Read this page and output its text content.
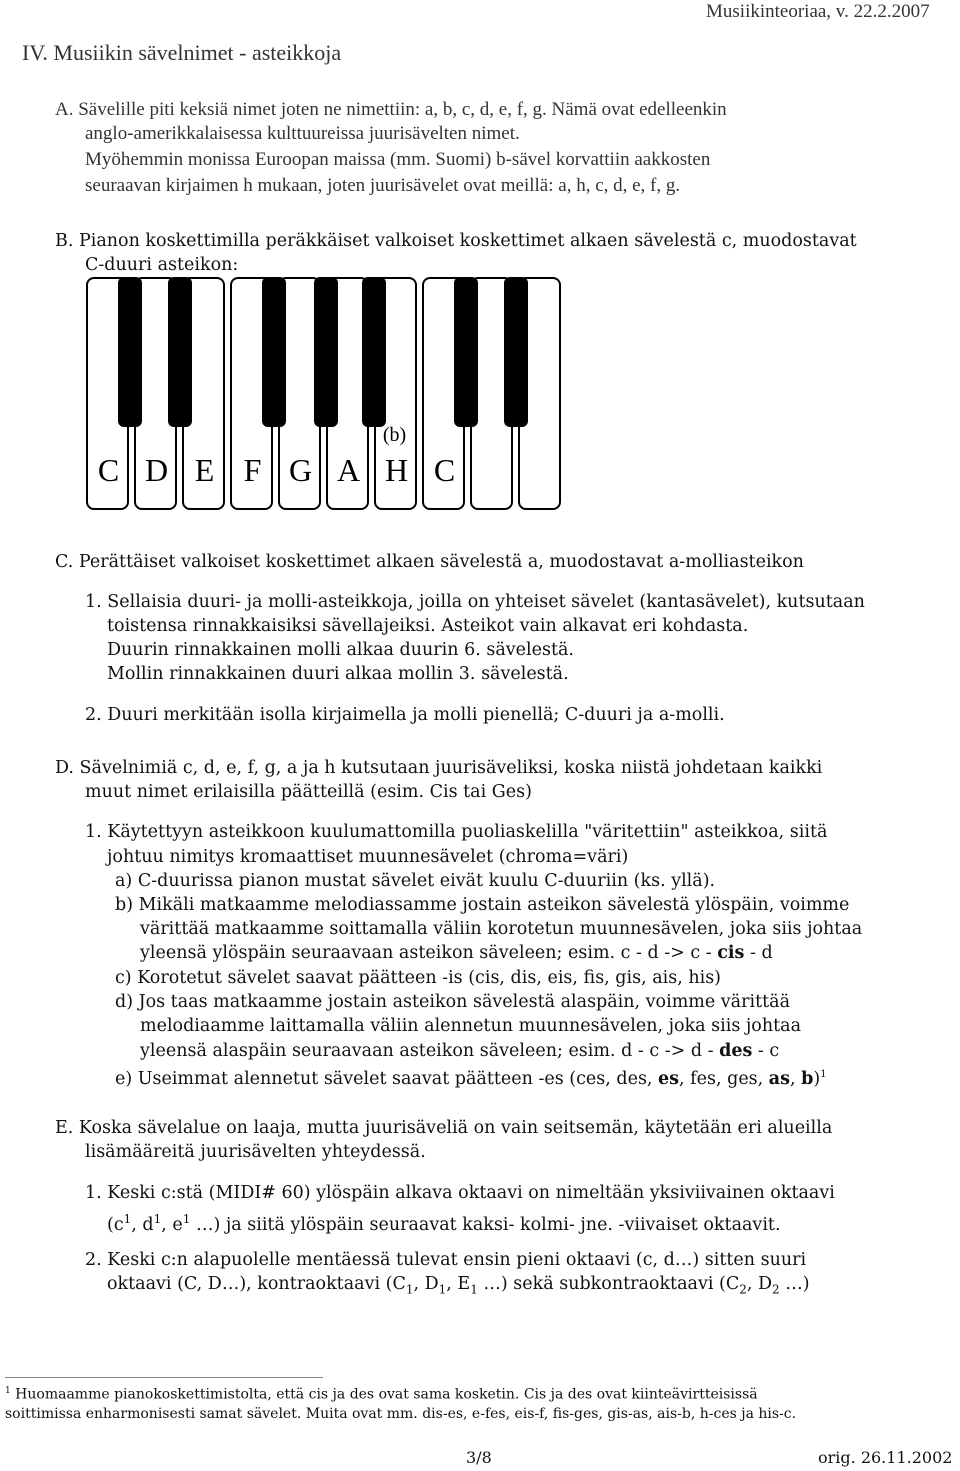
IV. Musiikin sävelnimet - asteikkoja
Musiikinteoriaa, v. 22.2.2007
A. Sävelille piti keksiä nimet joten ne nimettiin: a, b, c, d, e, f, g. Nämä ovat edelleenkin
anglo-amerikkalaisessa kulttuureissa juurisävelten nimet.
Myöhemmin monissa Euroopan maissa (mm. Suomi) b-sävel korvattiin aakkosten
seuraavan kirjaimen h mukaan, joten juurisävelet ovat meillä: a, h, c, d, e, f, g.
B. Pianon koskettimilla peräkkäiset valkoiset koskettimet alkaen sävelestä c, muodostavat
C-duuri asteikon:
(b)
C D E F G A H C
C. Perättäiset valkoiset koskettimet alkaen sävelestä a, muodostavat a-molliasteikon
1. Sellaisia duuri- ja molli-asteikkoja, joilla on yhteiset sävelet (kantasävelet), kutsutaan
toistensa rinnakkaisiksi sävellajeiksi. Asteikot vain alkavat eri kohdasta.
Duurin rinnakkainen molli alkaa duurin 6. sävelestä.
Mollin rinnakkainen duuri alkaa mollin 3. sävelestä.
2. Duuri merkitään isolla kirjaimella ja molli pienellä; C-duuri ja a-molli.
D. Sävelnimiä c, d, e, f, g, a ja h kutsutaan juurisäveliksi, koska niistä johdetaan kaikki
muut nimet erilaisilla päätteillä (esim. Cis tai Ges)
1. Käytettyyn asteikkoon kuulumattomilla puoliaskelilla "väritettiin" asteikkoa, siitä
johtuu nimitys kromaattiset muunnesävelet (chroma=väri)
a) C-duurissa pianon mustat sävelet eivät kuulu C-duuriin (ks. yllä).
b) Mikäli matkaamme melodiassamme jostain asteikon sävelestä ylöspäin, voimme
värittää matkaamme soittamalla väliin korotetun muunnesävelen, joka siis johtaa
yleensä ylöspäin seuraavaan asteikon säveleen; esim. c - d -> c - cis - d
c) Korotetut sävelet saavat päätteen -is (cis, dis, eis, fis, gis, ais, his)
d) Jos taas matkaamme jostain asteikon sävelestä alaspäin, voimme värittää
melodiaamme laittamalla väliin alennetun muunnesävelen, joka siis johtaa
yleensä alaspäin seuraavaan asteikon säveleen; esim. d - c -> d - des - c
e) Useimmat alennetut sävelet saavat päätteen -es (ces, des, es, fes, ges, as, b)$^1$
E. Koska sävelalue on laaja, mutta juurisäveliä on vain seitsemän, käytetään eri alueilla
lisämääreitä juurisävelten yhteydessä.
1. Keski c:stä (MIDI# 60) ylöspäin alkava oktaavi on nimeltään yksiviivainen oktaavi
($c^1$, $d^1$, $e^1$ …) ja siitä ylöspäin seuraavat kaksi- kolmi- jne. -viivaiset oktaavit.
2. Keski c:n alapuolelle mentäessä tulevat ensin pieni oktaavi (c, d…) sitten suuri
oktaavi (C, D…), kontraoktaavi ($C_1$, $D_1$, $E_1$ …) sekä subkontraoktaavi ($C_2$, $D_2$ …)
$^1$ Huomaamme pianokoskettimistolta, että cis ja des ovat sama kosketin. Cis ja des ovat kiinteävirtteisissä
soittimissa enharmonisesti samat sävelet. Muita ovat mm. dis-es, e-fes, eis-f, fis-ges, gis-as, ais-b, h-ces ja his-c.
3/8	orig. 26.11.2002
